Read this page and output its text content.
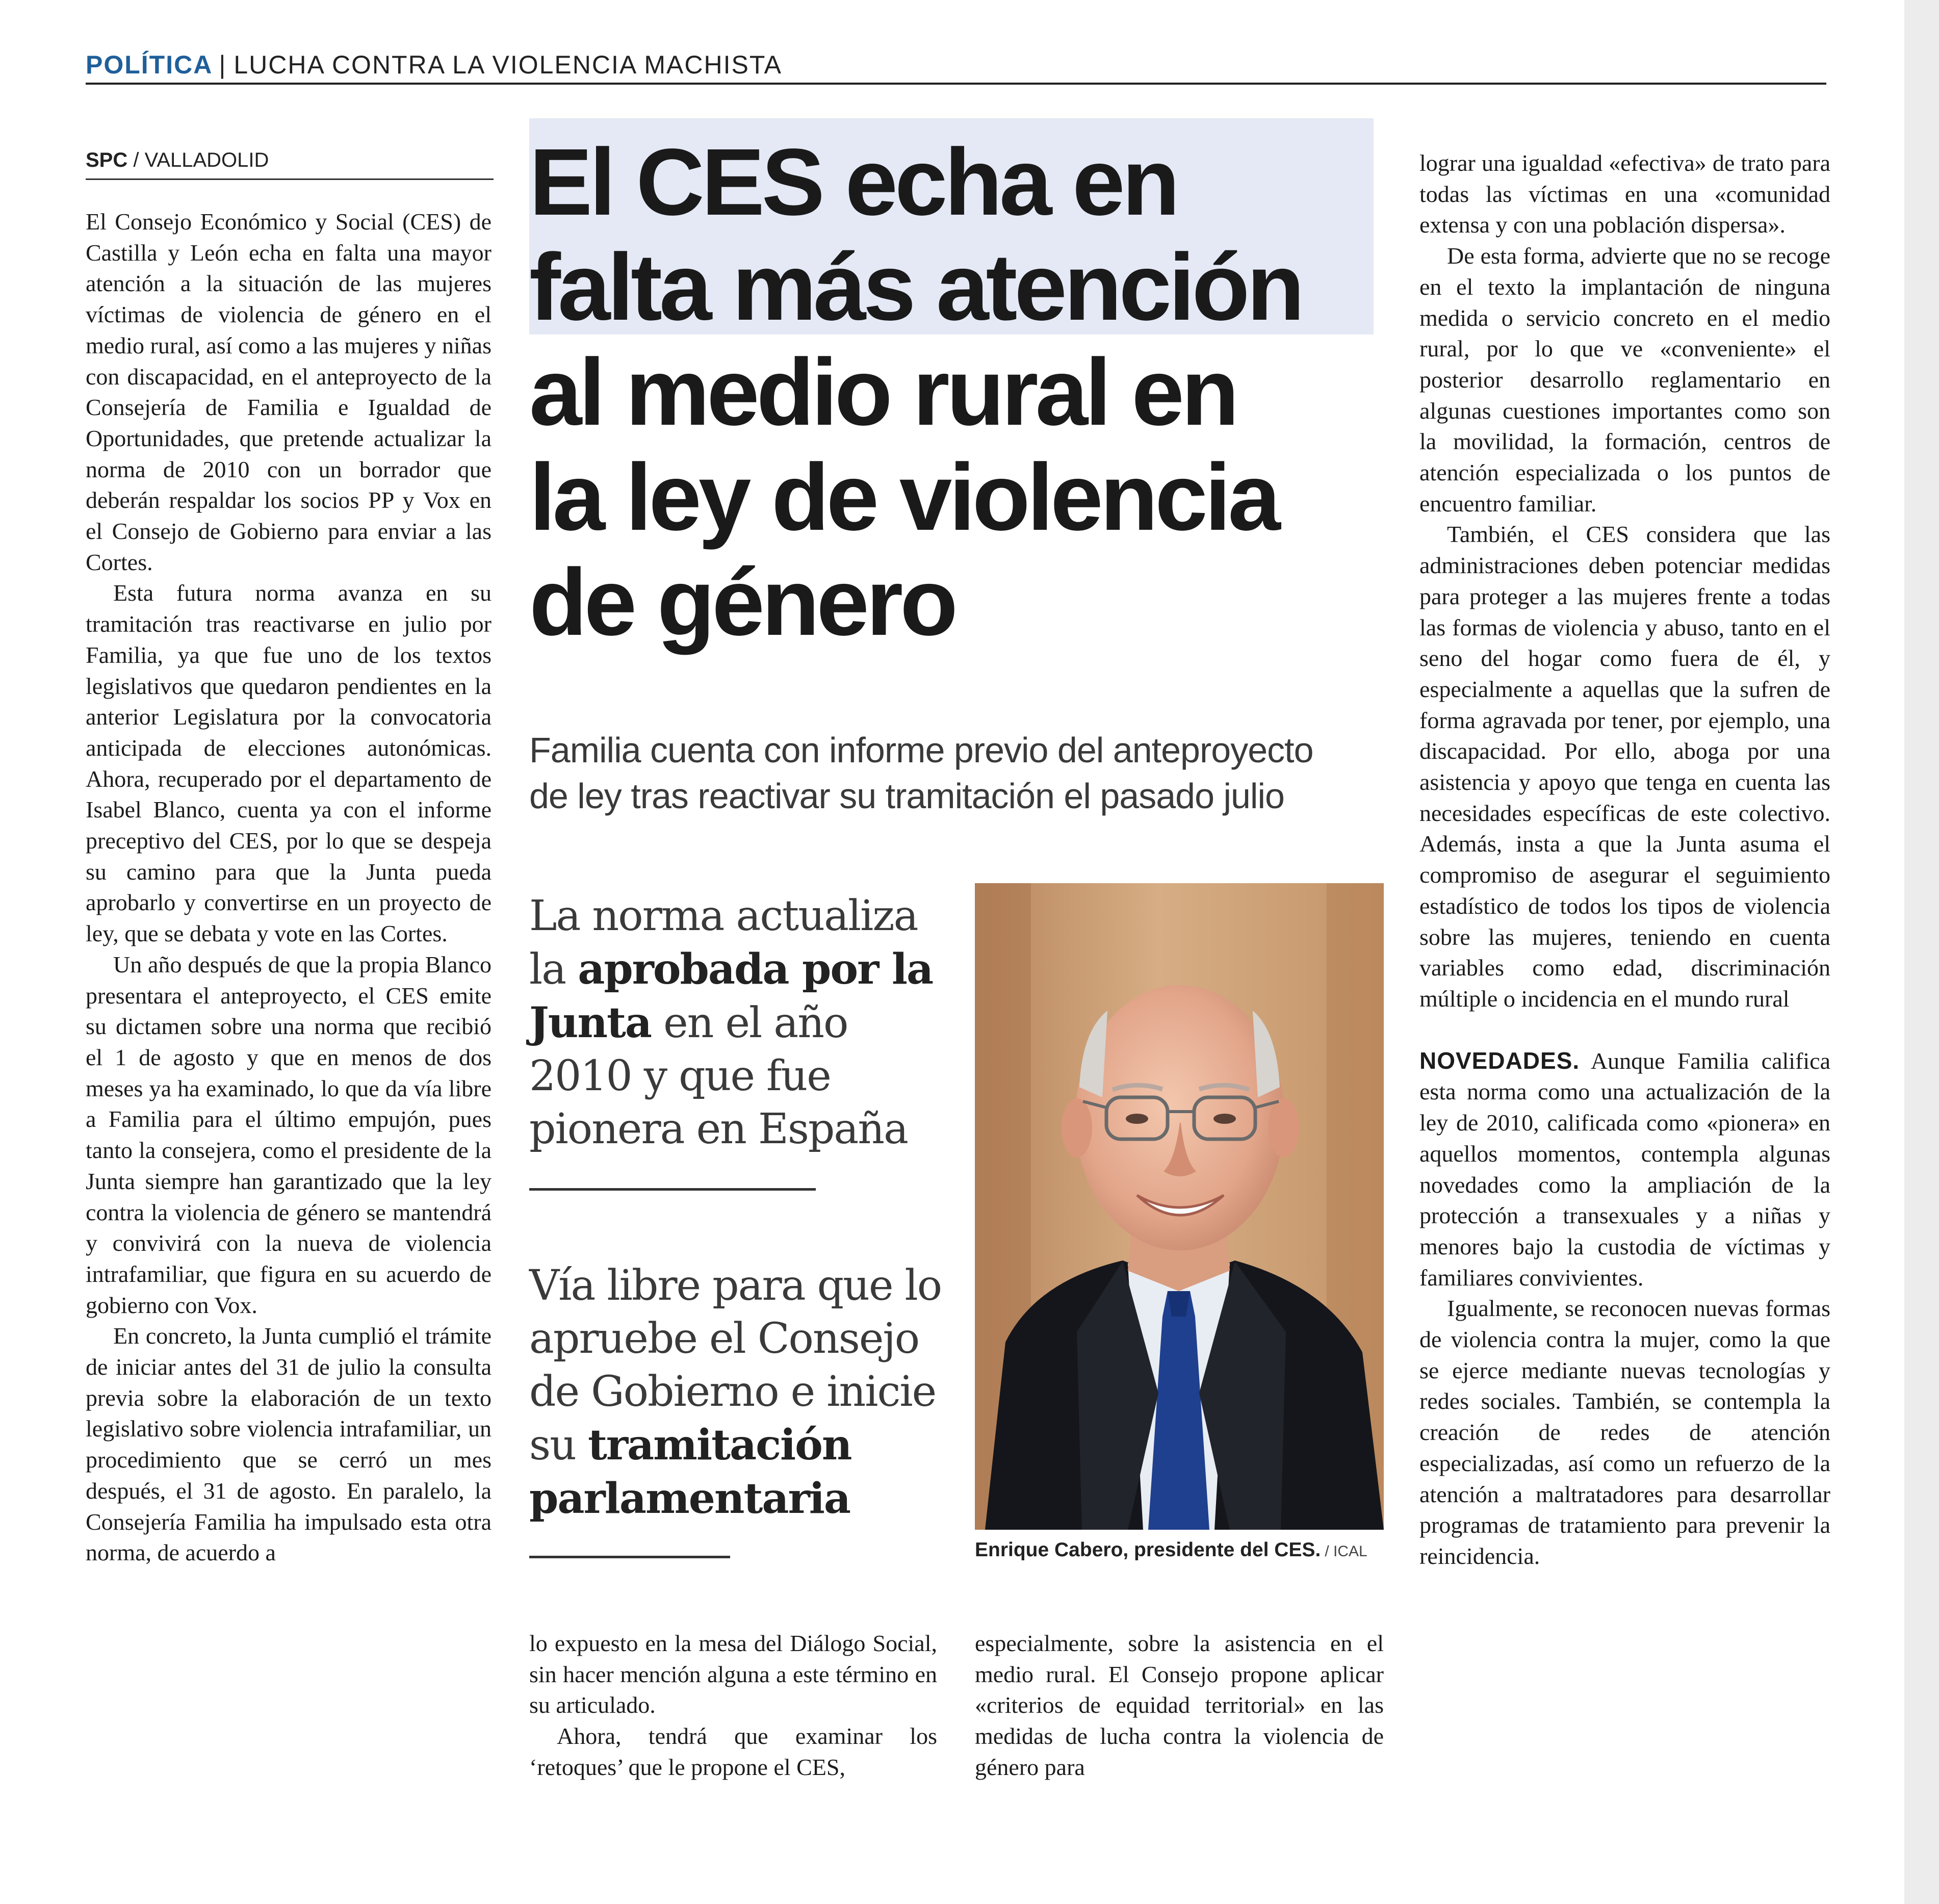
POLÍTICA | LUCHA CONTRA LA VIOLENCIA MACHISTA
SPC / VALLADOLID

El Consejo Económico y Social (CES) de Castilla y León echa en falta una mayor atención a la situación de las mujeres víctimas de violencia de género en el medio rural, así como a las mujeres y niñas con discapacidad, en el anteproyecto de la Consejería de Familia e Igualdad de Oportunidades, que pretende actualizar la norma de 2010 con un borrador que deberán respaldar los socios PP y Vox en el Consejo de Gobierno para enviar a las Cortes.

Esta futura norma avanza en su tramitación tras reactivarse en julio por Familia, ya que fue uno de los textos legislativos que quedaron pendientes en la anterior Legislatura por la convocatoria anticipada de elecciones autonómicas. Ahora, recuperado por el departamento de Isabel Blanco, cuenta ya con el informe preceptivo del CES, por lo que se despeja su camino para que la Junta pueda aprobarlo y convertirse en un proyecto de ley, que se debata y vote en las Cortes.

Un año después de que la propia Blanco presentara el anteproyecto, el CES emite su dictamen sobre una norma que recibió el 1 de agosto y que en menos de dos meses ya ha examinado, lo que da vía libre a Familia para el último empujón, pues tanto la consejera, como el presidente de la Junta siempre han garantizado que la ley contra la violencia de género se mantendrá y convivirá con la nueva de violencia intrafamiliar, que figura en su acuerdo de gobierno con Vox.

En concreto, la Junta cumplió el trámite de iniciar antes del 31 de julio la consulta previa sobre la elaboración de un texto legislativo sobre violencia intrafamiliar, un procedimiento que se cerró un mes después, el 31 de agosto. En paralelo, la Consejería Familia ha impulsado esta otra norma, de acuerdo a

El CES echa en
falta más atención
al medio rural en
la ley de violencia
de género
Familia cuenta con informe previo del anteproyecto
de ley tras reactivar su tramitación el pasado julio
La norma actualiza la aprobada por la Junta en el año 2010 y que fue pionera en España
Vía libre para que lo apruebe el Consejo de Gobierno e inicie su tramitación parlamentaria
Enrique Cabero, presidente del CES. / ICAL

lo expuesto en la mesa del Diálogo Social, sin hacer mención alguna a este término en su articulado.

Ahora, tendrá que examinar los ‘retoques’ que le propone el CES,

especialmente, sobre la asistencia en el medio rural. El Consejo propone aplicar «criterios de equidad territorial» en las medidas de lucha contra la violencia de género para

lograr una igualdad «efectiva» de trato para todas las víctimas en una «comunidad extensa y con una población dispersa».

De esta forma, advierte que no se recoge en el texto la implantación de ninguna medida o servicio concreto en el medio rural, por lo que ve «conveniente» el posterior desarrollo reglamentario en algunas cuestiones importantes como son la movilidad, la formación, centros de atención especializada o los puntos de encuentro familiar.

También, el CES considera que las administraciones deben potenciar medidas para proteger a las mujeres frente a todas las formas de violencia y abuso, tanto en el seno del hogar como fuera de él, y especialmente a aquellas que la sufren de forma agravada por tener, por ejemplo, una discapacidad. Por ello, aboga por una asistencia y apoyo que tenga en cuenta las necesidades específicas de este colectivo. Además, insta a que la Junta asuma el compromiso de asegurar el seguimiento estadístico de todos los tipos de violencia sobre las mujeres, teniendo en cuenta variables como edad, discriminación múltiple o incidencia en el mundo rural

NOVEDADES. Aunque Familia califica esta norma como una actualización de la ley de 2010, calificada como «pionera» en aquellos momentos, contempla algunas novedades como la ampliación de la protección a transexuales y a niñas y menores bajo la custodia de víctimas y familiares convivientes.

Igualmente, se reconocen nuevas formas de violencia contra la mujer, como la que se ejerce mediante nuevas tecnologías y redes sociales. También, se contempla la creación de redes de atención especializadas, así como un refuerzo de la atención a maltratadores para desarrollar programas de tratamiento para prevenir la reincidencia.
